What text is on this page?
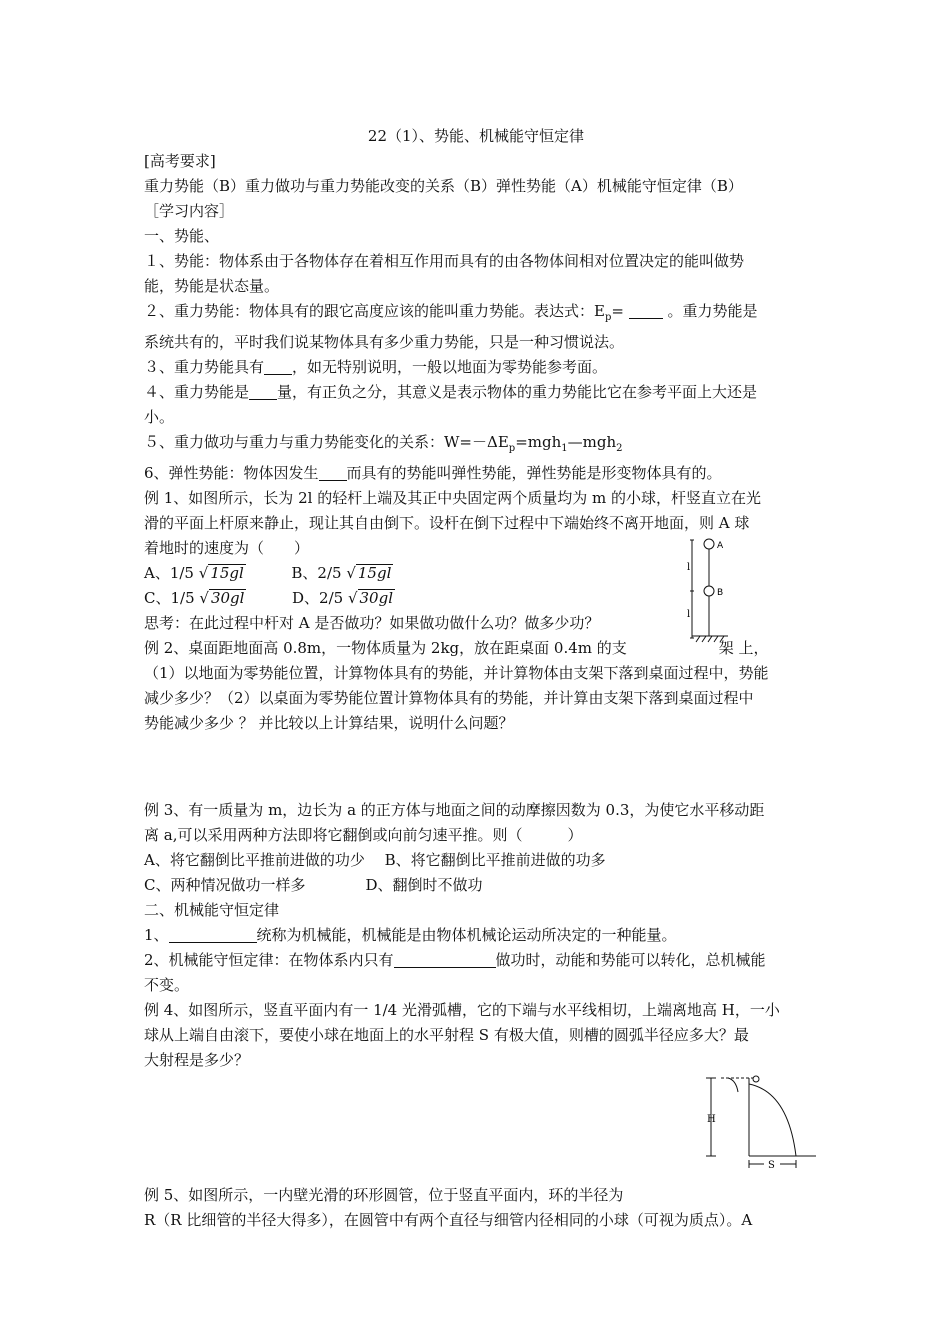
22（1）、势能、机械能守恒定律
[高考要求]
重力势能（B）重力做功与重力势能改变的关系（B）弹性势能（A）机械能守恒定律（B）
［学习内容］
一、势能、
１、势能：物体系由于各物体存在着相互作用而具有的由各物体间相对位置决定的能叫做势
能，势能是状态量。
２、重力势能：物体具有的跟它高度应该的能叫重力势能。表达式：$E_p=$  。重力势能是
系统共有的，平时我们说某物体具有多少重力势能，只是一种习惯说法。
３、重力势能具有 ，如无特别说明，一般以地面为零势能参考面。
４、重力势能是 量，有正负之分，其意义是表示物体的重力势能比它在参考平面上大还是
小。
５、重力做功与重力与重力势能变化的关系：$W=-\Delta E_p=mgh_1—mgh_2$
6、弹性势能：物体因发生 而具有的势能叫弹性势能，弹性势能是形变物体具有的。
例 1、如图所示，长为 2l 的轻杆上端及其正中央固定两个质量均为 m 的小球，杆竖直立在光
滑的平面上杆原来静止，现让其自由倒下。设杆在倒下过程中下端始终不离开地面，则 A 球
着地时的速度为（　　）
A、1/5 √ 15gl	B、2/5 √ 15gl
C、1/5 √ 30gl	D、2/5 √ 30gl
思考：在此过程中杆对 A 是否做功？如果做功做什么功？做多少功？
例 2、桌面距地面高 0.8m，一物体质量为 2kg，放在距桌面 0.4m 的支	架 上，
（1）以地面为零势能位置，计算物体具有的势能，并计算物体由支架下落到桌面过程中，势能
减少多少？（2）以桌面为零势能位置计算物体具有的势能，并计算由支架下落到桌面过程中
势能减少多少 ？ 并比较以上计算结果，说明什么问题？
例 3、有一质量为 m，边长为 a 的正方体与地面之间的动摩擦因数为 0.3，为使它水平移动距
离 a,可以采用两种方法即将它翻倒或向前匀速平推。则（　　　）
A、将它翻倒比平推前进做的功少　 B、将它翻倒比平推前进做的功多
C、两种情况做功一样多　　　　D、翻倒时不做功
二、机械能守恒定律
1、	统称为机械能，机械能是由物体机械论运动所决定的一种能量。
2、机械能守恒定律：在物体系内只有	做功时，动能和势能可以转化，总机械能
不变。
例 4、如图所示，竖直平面内有一 1/4 光滑弧槽，它的下端与水平线相切，上端离地高 H，一小
球从上端自由滚下，要使小球在地面上的水平射程 S 有极大值，则槽的圆弧半径应多大？最
大射程是多少？
例 5、如图所示，一内壁光滑的环形圆管，位于竖直平面内，环的半径为
R（R 比细管的半径大得多），在圆管中有两个直径与细管内径相同的小球（可视为质点）。A
A
B
l
l
H
S
